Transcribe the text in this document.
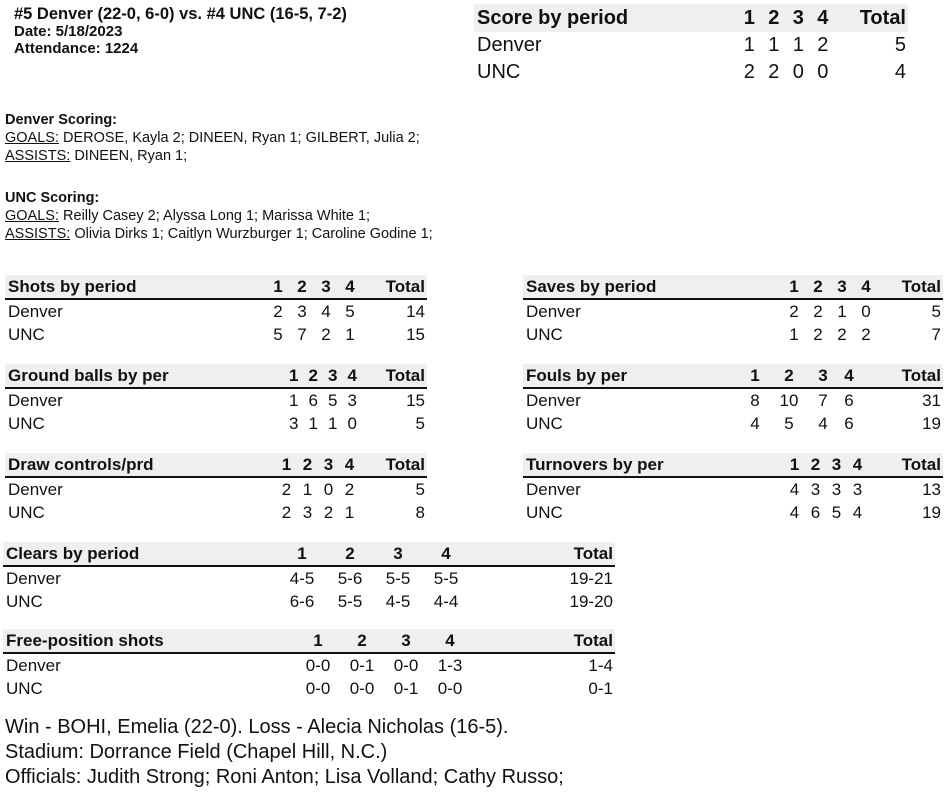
#5 Denver (22-0, 6-0) vs. #4 UNC (16-5, 7-2)
Date: 5/18/2023
Attendance: 1224
Score by period	1 2 3 4	Total
Denver	1 1 1 2	5
UNC	2 2 0 0	4
Denver Scoring:
GOALS: DEROSE, Kayla 2; DINEEN, Ryan 1; GILBERT, Julia 2;
ASSISTS: DINEEN, Ryan 1;
UNC Scoring:
GOALS: Reilly Casey 2; Alyssa Long 1; Marissa White 1;
ASSISTS: Olivia Dirks 1; Caitlyn Wurzburger 1; Caroline Godine 1;
Shots by period	1 2 3 4	Total
Denver	2 3 4 5	14
UNC	5 7 2 1	15
Saves by period	1 2 3 4	Total
Denver	2 2 1 0	5
UNC	1 2 2 2	7
Ground balls by per	1 2 3 4	Total
Denver	1 6 5 3	15
UNC	3 1 1 0	5
Fouls by per	1	2	3 4	Total
Denver	8	10	7 6	31
UNC	4	5	4 6	19
Draw controls/prd	1 2 3 4	Total
Denver	2 1 0 2	5
UNC	2 3 2 1	8
Turnovers by per	1 2 3 4	Total
Denver	4 3 3 3	13
UNC	4 6 5 4	19
Clears by period	1	2	3	4	Total
Denver	4-5	5-6	5-5	5-5	19-21
UNC	6-6	5-5	4-5	4-4	19-20
Free-position shots	1	2	3	4	Total
Denver	0-0	0-1	0-0	1-3	1-4
UNC	0-0	0-0	0-1	0-0	0-1
Win - BOHI, Emelia (22-0). Loss - Alecia Nicholas (16-5).
Stadium: Dorrance Field (Chapel Hill, N.C.)
Officials: Judith Strong; Roni Anton; Lisa Volland; Cathy Russo;
